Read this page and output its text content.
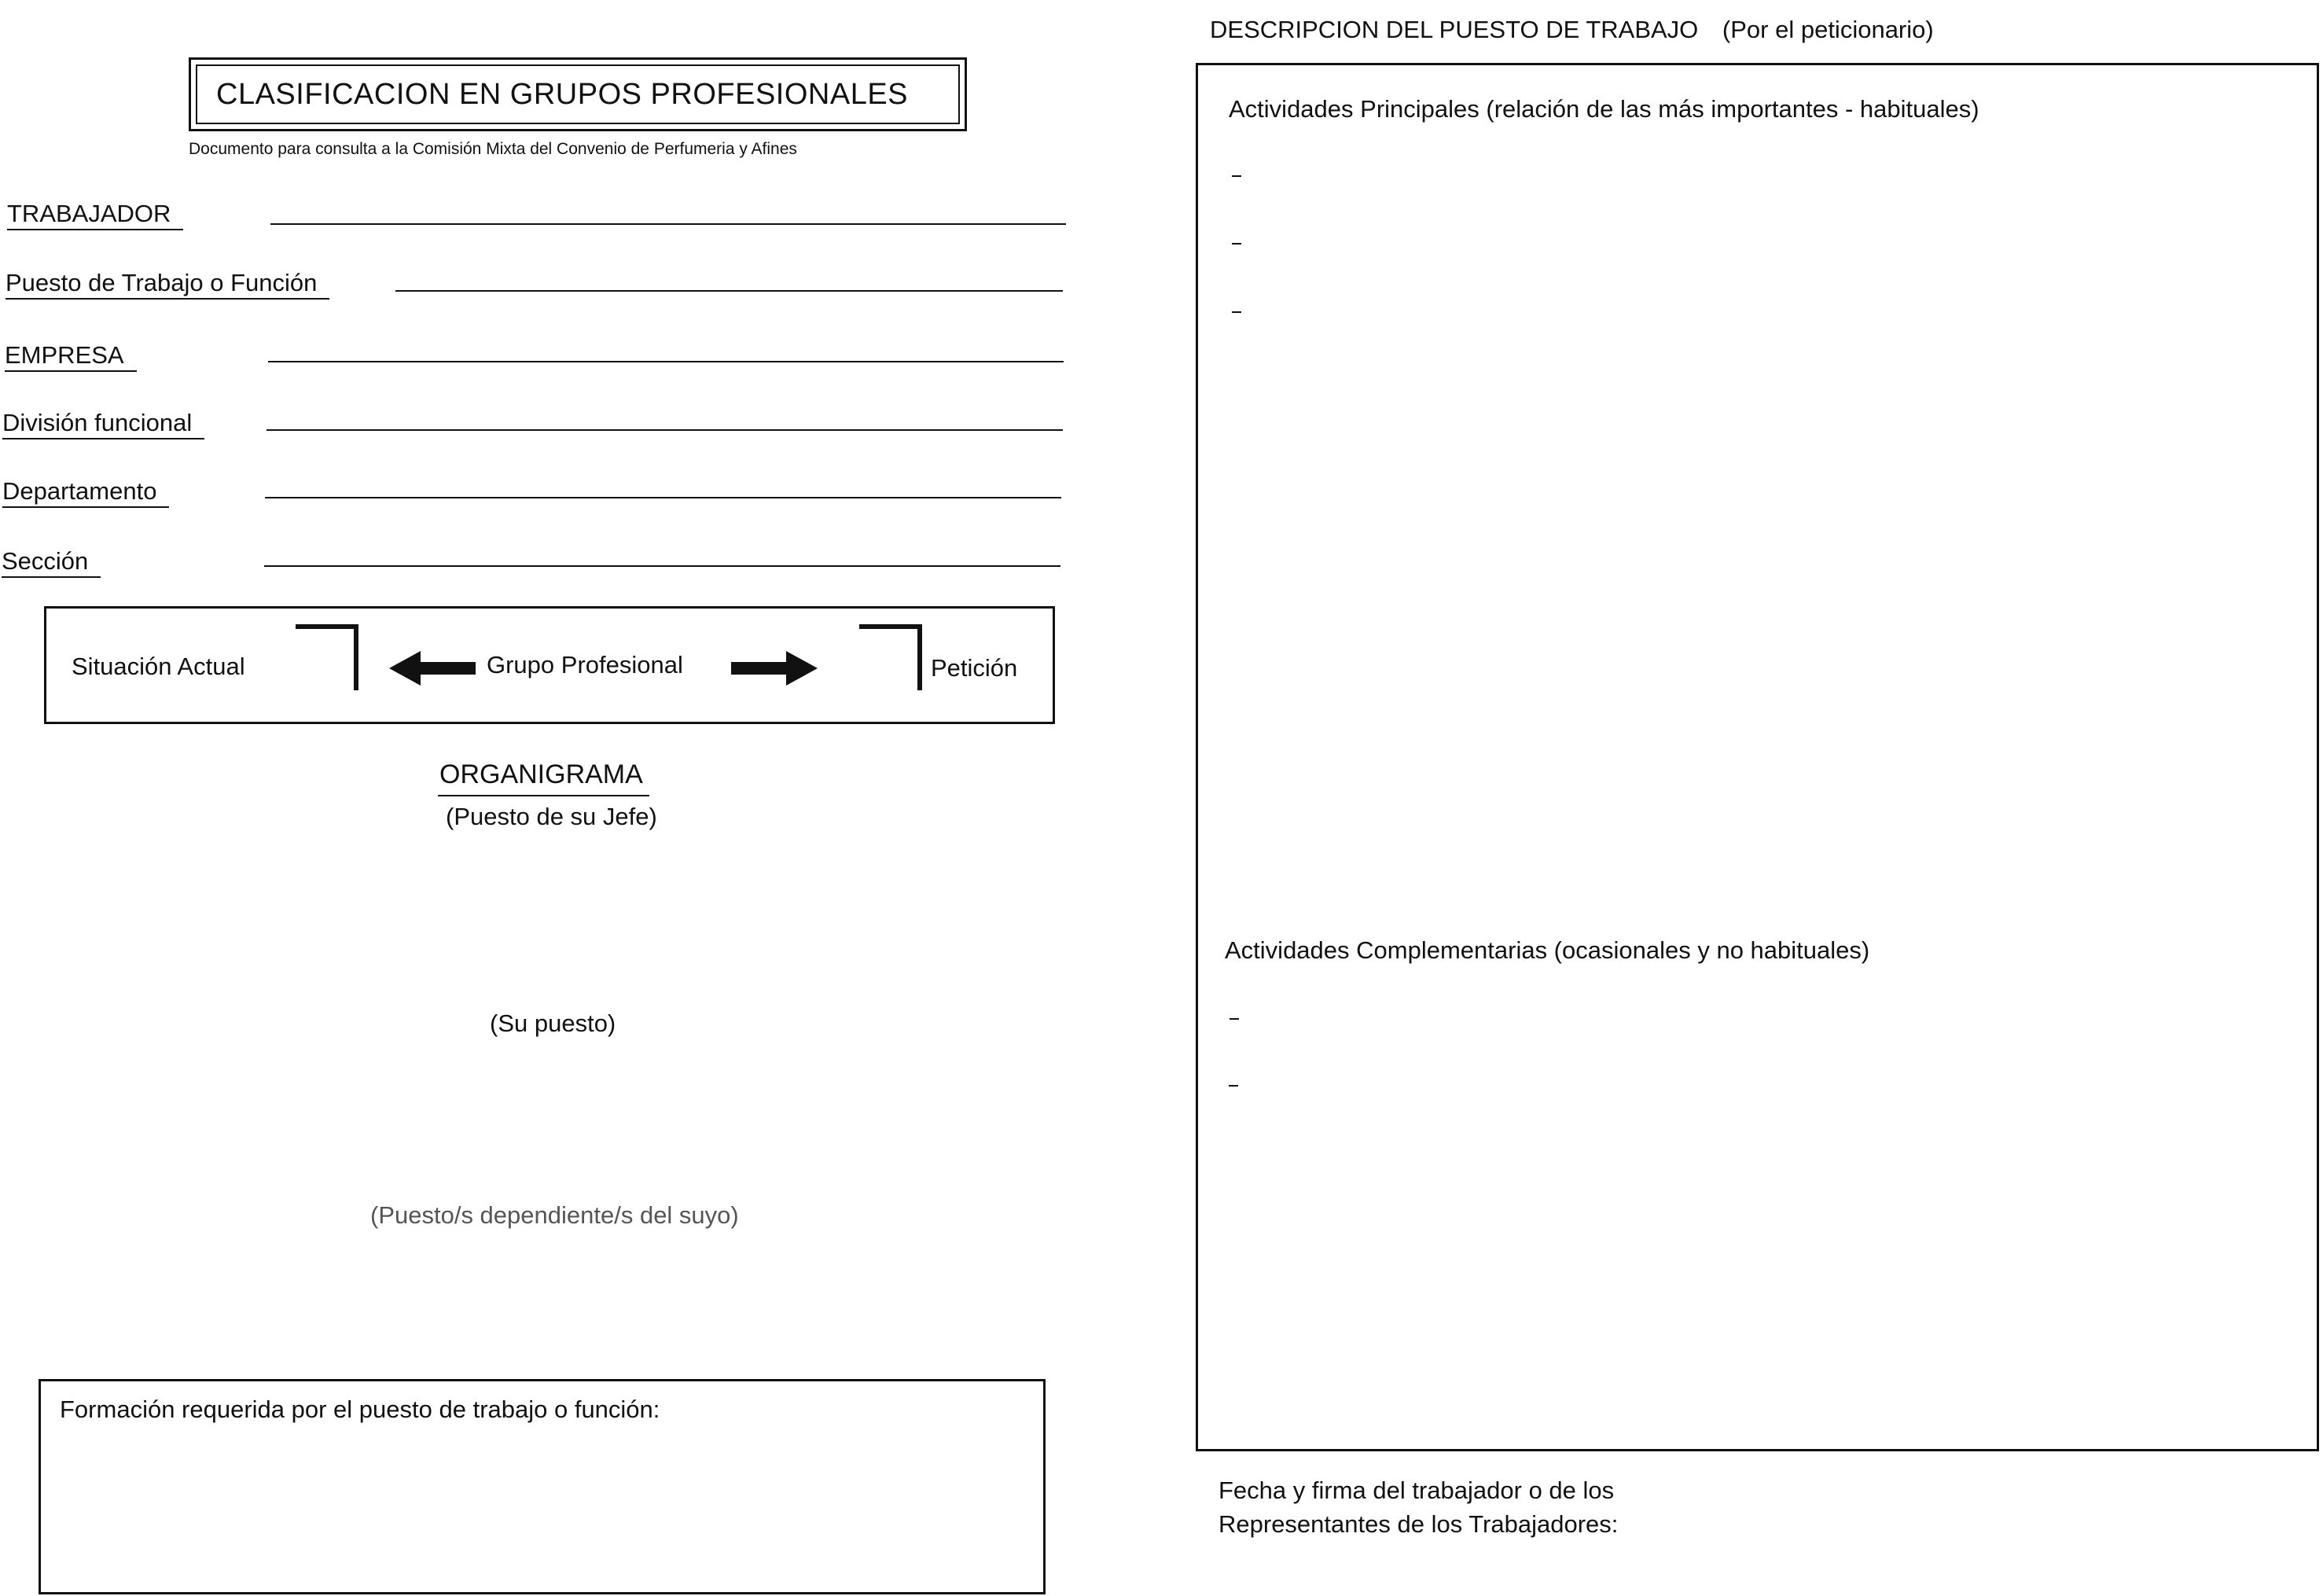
CLASIFICACION EN GRUPOS PROFESIONALES
Documento para consulta a la Comisión Mixta del Convenio de Perfumeria y Afines
TRABAJADOR
Puesto de Trabajo o Función
EMPRESA
División funcional
Departamento
Sección
Situación Actual	Grupo Profesional	Petición
ORGANIGRAMA
(Puesto de su Jefe)
(Su puesto)
(Puesto/s dependiente/s del suyo)
Formación requerida por el puesto de trabajo o función:
DESCRIPCION DEL PUESTO DE TRABAJO (Por el peticionario)
Actividades Principales (relación de las más importantes - habituales)
Actividades Complementarias (ocasionales y no habituales)
Fecha y firma del trabajador o de los
Representantes de los Trabajadores:
